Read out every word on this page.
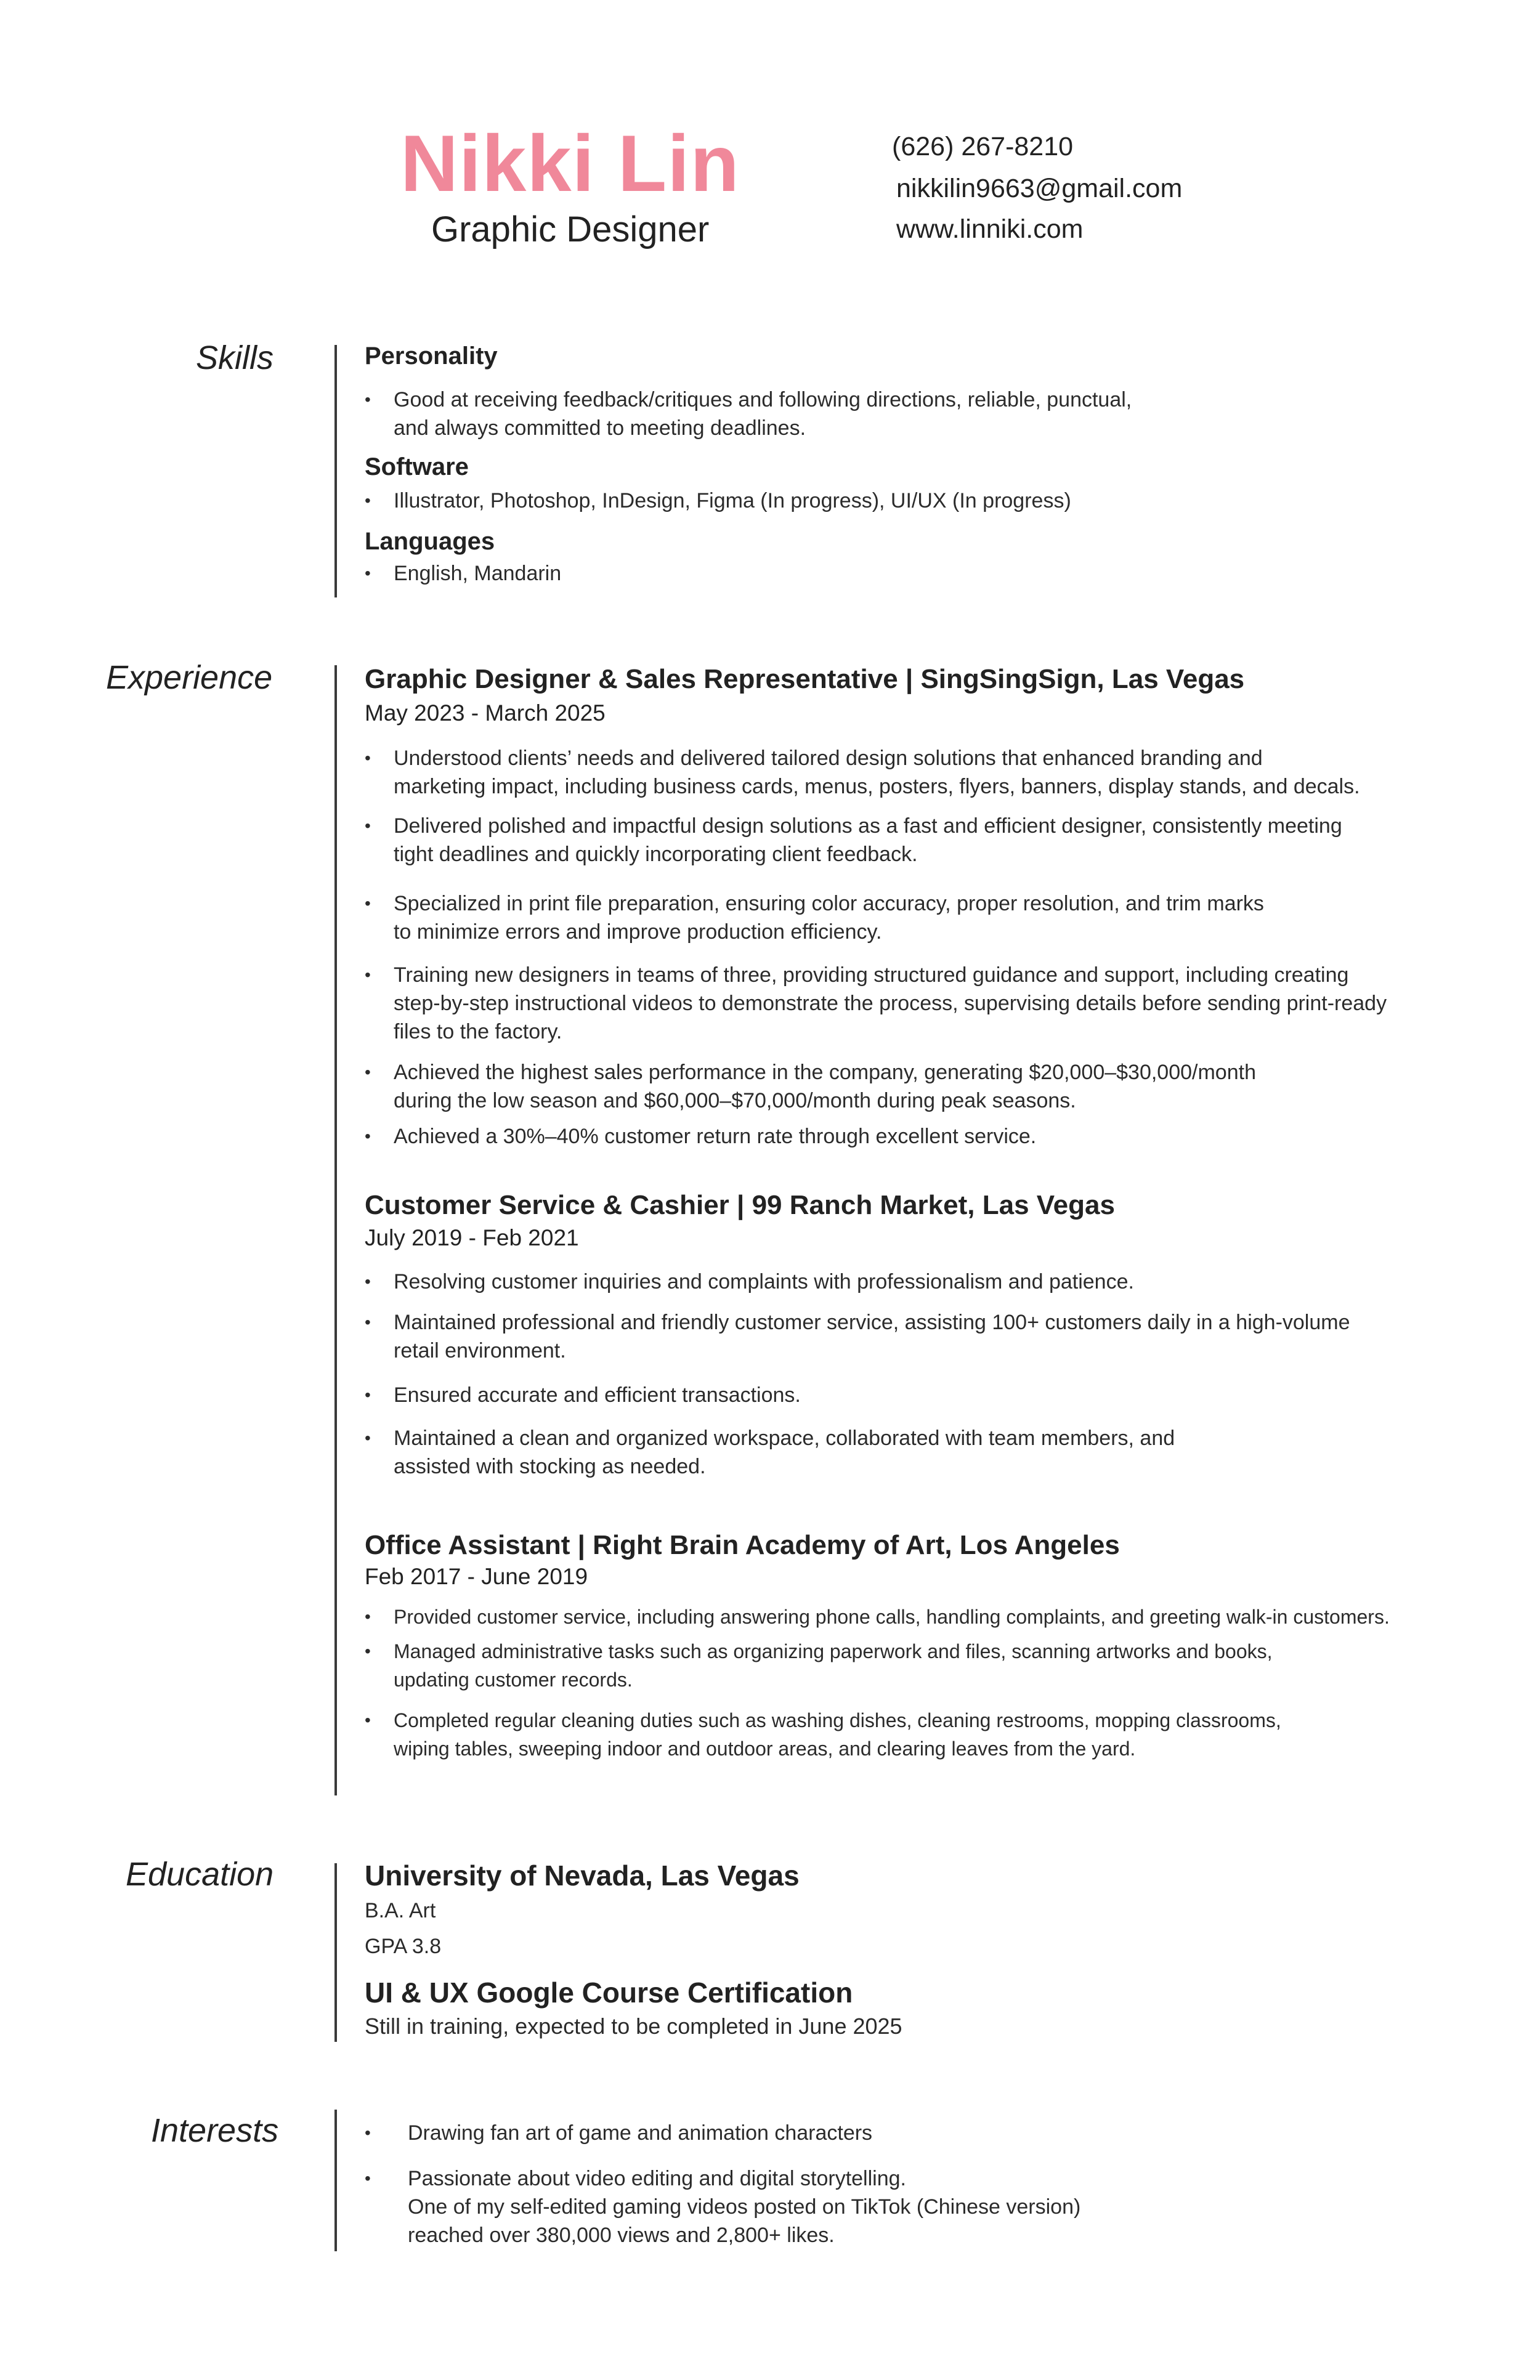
Nikki Lin
Graphic Designer
(626) 267-8210
nikkilin9663@gmail.com
www.linniki.com
Skills	Personality
• Good at receiving feedback/critiques and following directions, reliable, punctual,
and always committed to meeting deadlines.
Software
• Illustrator, Photoshop, InDesign, Figma (In progress), UI/UX (In progress)
Languages
• English, Mandarin
Experience	Graphic Designer & Sales Representative | SingSingSign, Las Vegas
May 2023 - March 2025
• Understood clients’ needs and delivered tailored design solutions that enhanced branding and
marketing impact, including business cards, menus, posters, flyers, banners, display stands, and decals.
• Delivered polished and impactful design solutions as a fast and efficient designer, consistently meeting
tight deadlines and quickly incorporating client feedback.
• Specialized in print file preparation, ensuring color accuracy, proper resolution, and trim marks
to minimize errors and improve production efficiency.
• Training new designers in teams of three, providing structured guidance and support, including creating
step-by-step instructional videos to demonstrate the process, supervising details before sending print-ready
files to the factory.
• Achieved the highest sales performance in the company, generating $20,000–$30,000/month
during the low season and $60,000–$70,000/month during peak seasons.
• Achieved a 30%–40% customer return rate through excellent service.
Customer Service & Cashier | 99 Ranch Market, Las Vegas
July 2019 - Feb 2021
• Resolving customer inquiries and complaints with professionalism and patience.
• Maintained professional and friendly customer service, assisting 100+ customers daily in a high-volume
retail environment.
• Ensured accurate and efficient transactions.
• Maintained a clean and organized workspace, collaborated with team members, and
assisted with stocking as needed.
Office Assistant | Right Brain Academy of Art, Los Angeles
Feb 2017 - June 2019
• Provided customer service, including answering phone calls, handling complaints, and greeting walk-in customers.
• Managed administrative tasks such as organizing paperwork and files, scanning artworks and books,
updating customer records.
• Completed regular cleaning duties such as washing dishes, cleaning restrooms, mopping classrooms,
wiping tables, sweeping indoor and outdoor areas, and clearing leaves from the yard.
Education	University of Nevada, Las Vegas
B.A. Art
GPA 3.8
UI & UX Google Course Certification
Still in training, expected to be completed in June 2025
Interests	• Drawing fan art of game and animation characters
• Passionate about video editing and digital storytelling.
One of my self-edited gaming videos posted on TikTok (Chinese version)
reached over 380,000 views and 2,800+ likes.
